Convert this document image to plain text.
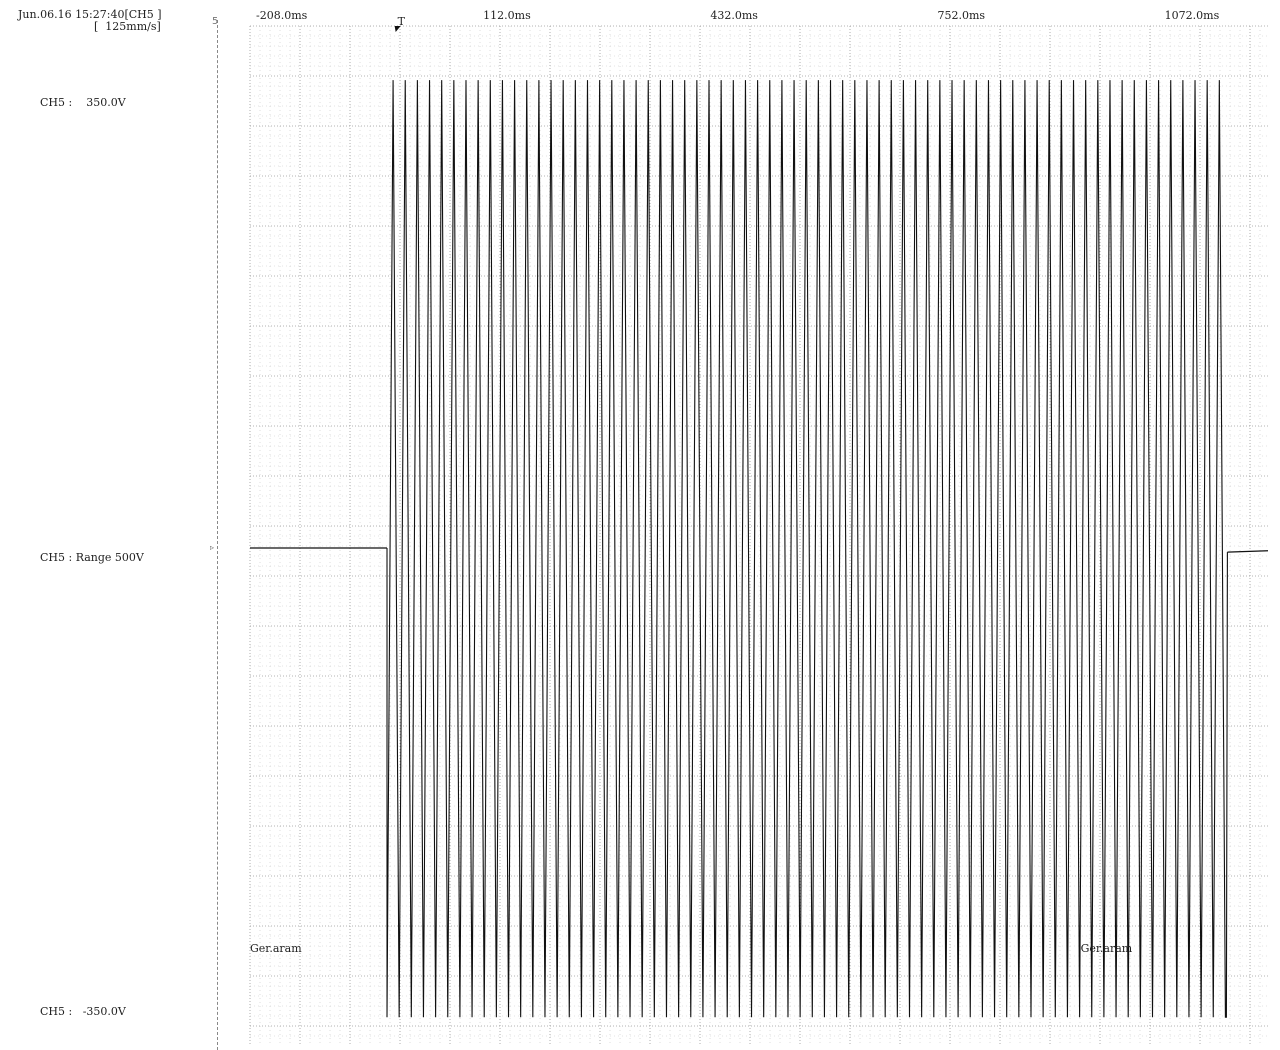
Jun.06.16 15:27:40[CH5 ]
[  125mm/s]
CH5 :    350.0V
CH5 : Range 500V
CH5 :   -350.0V
5
▹
-208.0ms	112.0ms	432.0ms	752.0ms	1072.0ms
T
Ger.aram	Ger.aram
